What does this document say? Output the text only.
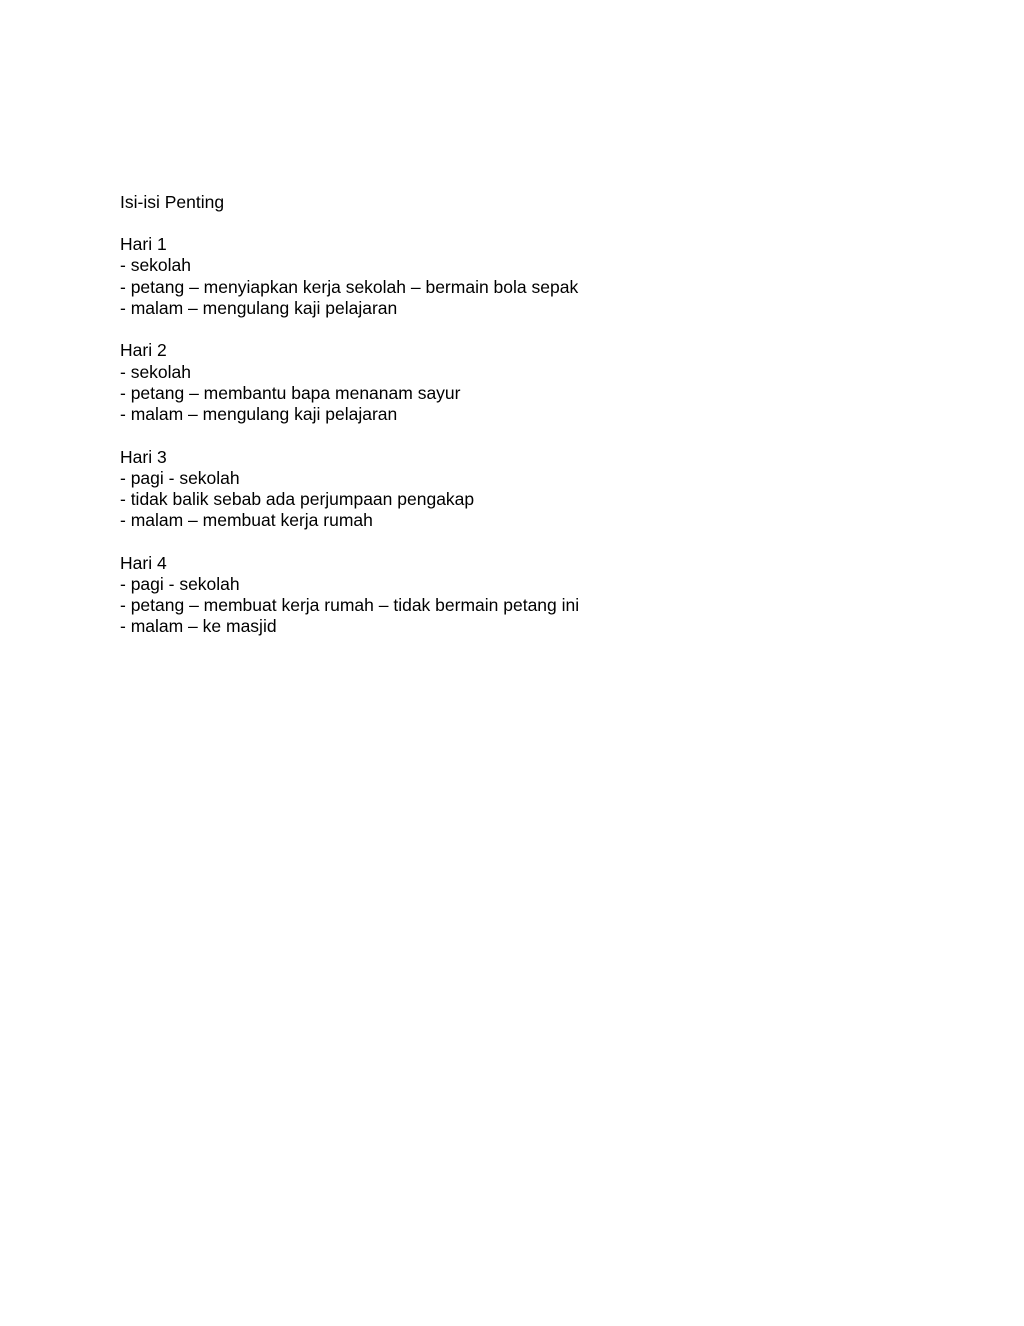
Isi-isi Penting
Hari 1
- sekolah
- petang – menyiapkan kerja sekolah – bermain bola sepak
- malam – mengulang kaji pelajaran
Hari 2
- sekolah
- petang – membantu bapa menanam sayur
- malam – mengulang kaji pelajaran
Hari 3
- pagi - sekolah
- tidak balik sebab ada perjumpaan pengakap
- malam – membuat kerja rumah
Hari 4
- pagi - sekolah
- petang – membuat kerja rumah – tidak bermain petang ini
- malam – ke masjid
